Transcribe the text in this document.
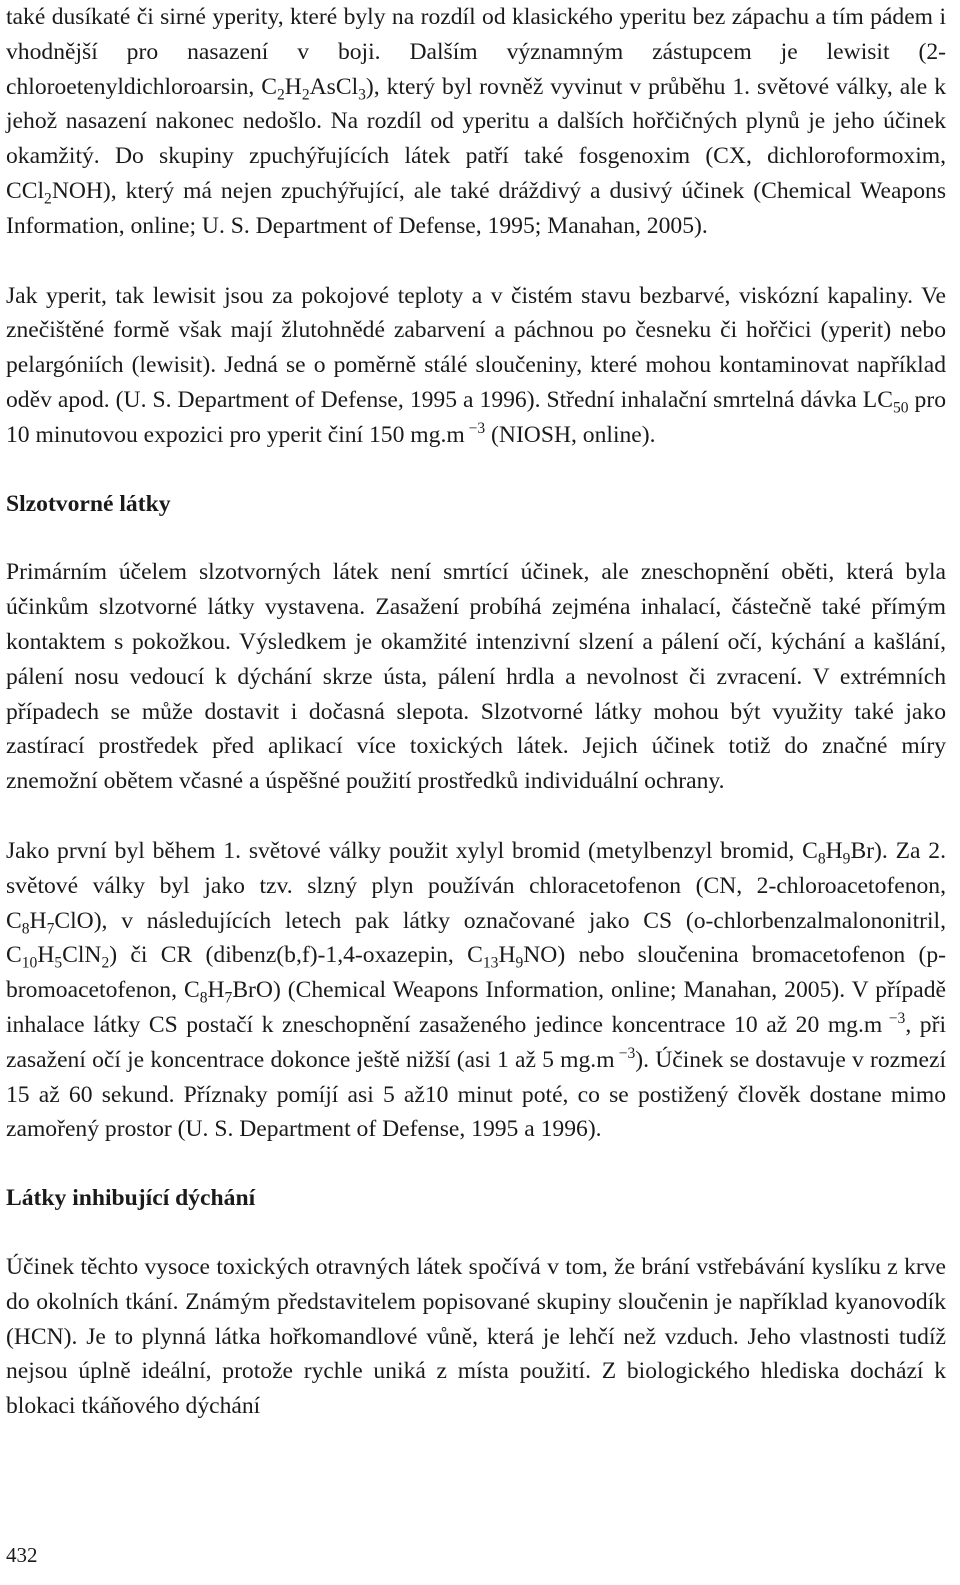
také dusíkaté či sirné yperity, které byly na rozdíl od klasického yperitu bez zápachu a tím pádem i vhodnější pro nasazení v boji. Dalším významným zástupcem je lewisit (2-chloroetenyldichloroarsin, $C_2H_2AsCl_3$), který byl rovněž vyvinut v průběhu 1. světové války, ale k jehož nasazení nakonec nedošlo. Na rozdíl od yperitu a dalších hořčičných plynů je jeho účinek okamžitý. Do skupiny zpuchýřujících látek patří také fosgenoxim (CX, dichloroformoxim, CCl$_2$NOH), který má nejen zpuchýřující, ale také dráždivý a dusivý účinek (Chemical Weapons Information, online; U. S. Department of Defense, 1995; Manahan, 2005).

Jak yperit, tak lewisit jsou za pokojové teploty a v čistém stavu bezbarvé, viskózní kapaliny. Ve znečištěné formě však mají žlutohnědé zabarvení a páchnou po česneku či hořčici (yperit) nebo pelargóniích (lewisit). Jedná se o poměrně stálé sloučeniny, které mohou kontaminovat například oděv apod. (U. S. Department of Defense, 1995 a 1996). Střední inhalační smrtelná dávka $LC_{50}$ pro 10 minutovou expozici pro yperit činí 150 mg.m $^{-3}$ (NIOSH, online).

Slzotvorné látky

Primárním účelem slzotvorných látek není smrtící účinek, ale zneschopnění oběti, která byla účinkům slzotvorné látky vystavena. Zasažení probíhá zejména inhalací, částečně také přímým kontaktem s pokožkou. Výsledkem je okamžité intenzivní slzení a pálení očí, kýchání a kašlání, pálení nosu vedoucí k dýchání skrze ústa, pálení hrdla a nevolnost či zvracení. V extrémních případech se může dostavit i dočasná slepota. Slzotvorné látky mohou být využity také jako zastírací prostředek před aplikací více toxických látek. Jejich účinek totiž do značné míry znemožní obětem včasné a úspěšné použití prostředků individuální ochrany.

Jako první byl během 1. světové války použit xylyl bromid (metylbenzyl bromid, $C_8H_9Br$). Za 2. světové války byl jako tzv. slzný plyn používán chloracetofenon (CN, 2-chloroacetofenon, $C_8H_7ClO$), v následujících letech pak látky označované jako CS (o-chlorbenzalmalononitril, $C_{10}H_5ClN_2$) či CR (dibenz(b,f)-1,4-oxazepin, $C_{13}H_9NO$) nebo sloučenina bromacetofenon (p-bromoacetofenon, $C_8H_7BrO$) (Chemical Weapons Information, online; Manahan, 2005). V případě inhalace látky CS postačí k zneschopnění zasaženého jedince koncentrace 10 až 20 mg.m $^{-3}$, při zasažení očí je koncentrace dokonce ještě nižší (asi 1 až 5 mg.m $^{-3}$). Účinek se dostavuje v rozmezí 15 až 60 sekund. Příznaky pomíjí asi 5 až10 minut poté, co se postižený člověk dostane mimo zamořený prostor (U. S. Department of Defense, 1995 a 1996).

Látky inhibující dýchání

Účinek těchto vysoce toxických otravných látek spočívá v tom, že brání vstřebávání kyslíku z krve do okolních tkání. Známým představitelem popisované skupiny sloučenin je například kyanovodík (HCN). Je to plynná látka hořkomandlové vůně, která je lehčí než vzduch. Jeho vlastnosti tudíž nejsou úplně ideální, protože rychle uniká z místa použití. Z biologického hlediska dochází k blokaci tkáňového dýchání

432
